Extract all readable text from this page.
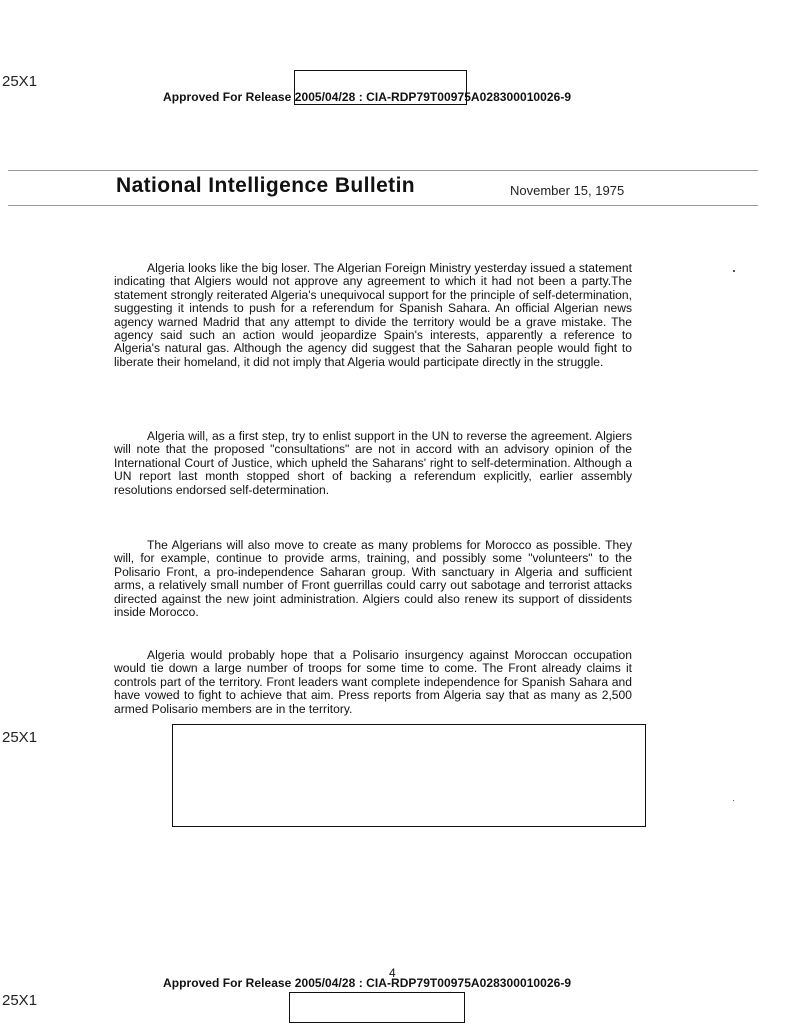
25X1
Approved For Release 2005/04/28 : CIA-RDP79T00975A028300010026-9
National Intelligence Bulletin	November 15, 1975

Algeria looks like the big loser. The Algerian Foreign Ministry yesterday issued a statement indicating that Algiers would not approve any agreement to which it had not been a party.The statement strongly reiterated Algeria's unequivocal support for the principle of self-determination, suggesting it intends to push for a referendum for Spanish Sahara. An official Algerian news agency warned Madrid that any attempt to divide the territory would be a grave mistake. The agency said such an action would jeopardize Spain's interests, apparently a reference to Algeria's natural gas. Although the agency did suggest that the Saharan people would fight to liberate their homeland, it did not imply that Algeria would participate directly in the struggle.

Algeria will, as a first step, try to enlist support in the UN to reverse the agreement. Algiers will note that the proposed "consultations" are not in accord with an advisory opinion of the International Court of Justice, which upheld the Saharans' right to self-determination. Although a UN report last month stopped short of backing a referendum explicitly, earlier assembly resolutions endorsed self-determination.

The Algerians will also move to create as many problems for Morocco as possible. They will, for example, continue to provide arms, training, and possibly some "volunteers" to the Polisario Front, a pro-independence Saharan group. With sanctuary in Algeria and sufficient arms, a relatively small number of Front guerrillas could carry out sabotage and terrorist attacks directed against the new joint administration. Algiers could also renew its support of dissidents inside Morocco.

Algeria would probably hope that a Polisario insurgency against Moroccan occupation would tie down a large number of troops for some time to come. The Front already claims it controls part of the territory. Front leaders want complete independence for Spanish Sahara and have vowed to fight to achieve that aim. Press reports from Algeria say that as many as 2,500 armed Polisario members are in the territory.

25X1
4
Approved For Release 2005/04/28 : CIA-RDP79T00975A028300010026-9
25X1
